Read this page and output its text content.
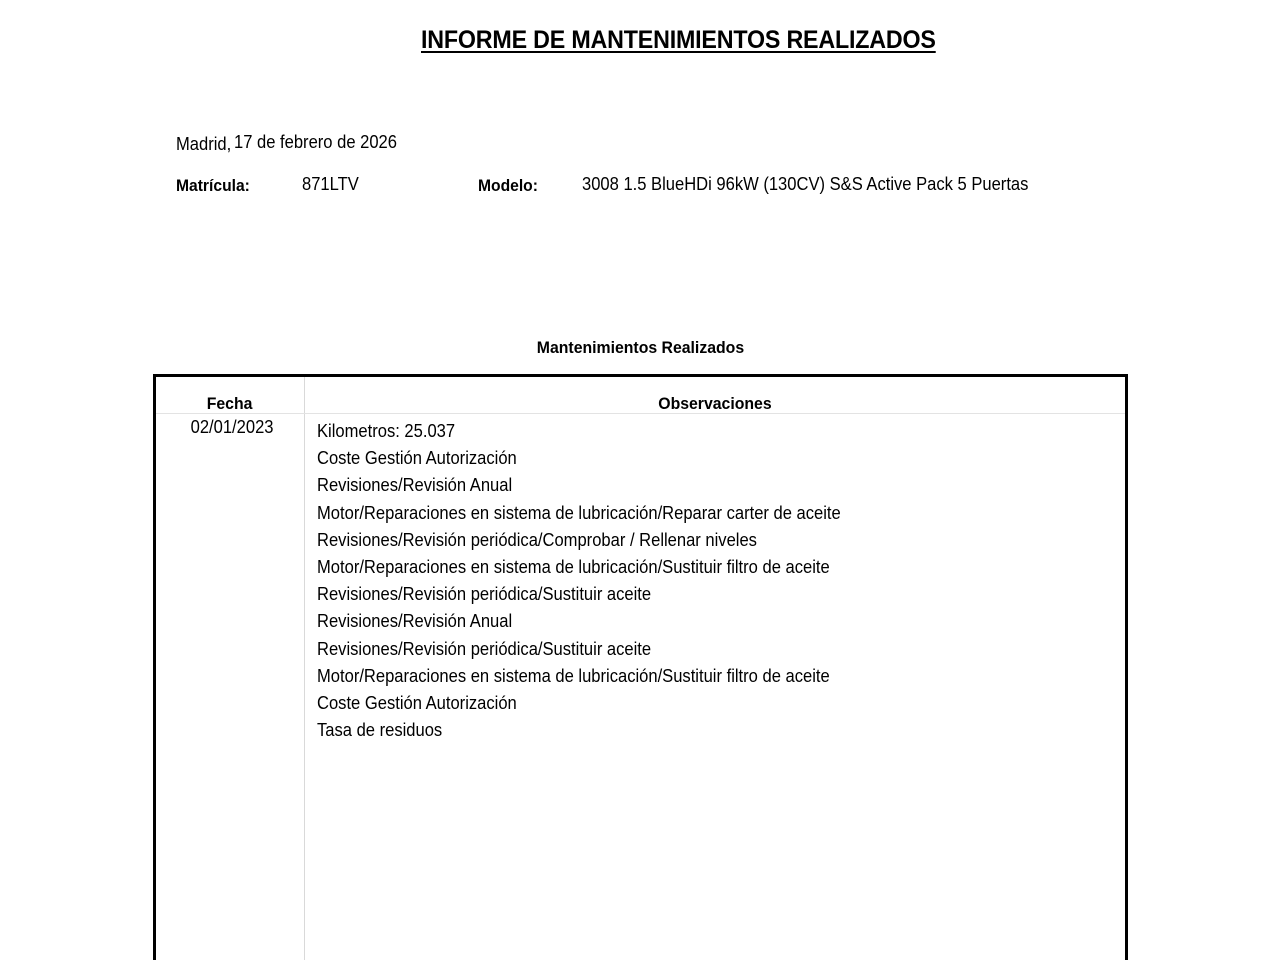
INFORME DE MANTENIMIENTOS REALIZADOS
Madrid, 17 de febrero de 2026
Matrícula:	871LTV	Modelo: 3008 1.5 BlueHDi 96kW (130CV) S&S Active Pack 5 Puertas
Mantenimientos Realizados
Fecha	Observaciones
02/01/2023	Kilometros: 25.037
Coste Gestión Autorización
Revisiones/Revisión Anual
Motor/Reparaciones en sistema de lubricación/Reparar carter de aceite
Revisiones/Revisión periódica/Comprobar / Rellenar niveles
Motor/Reparaciones en sistema de lubricación/Sustituir filtro de aceite
Revisiones/Revisión periódica/Sustituir aceite
Revisiones/Revisión Anual
Revisiones/Revisión periódica/Sustituir aceite
Motor/Reparaciones en sistema de lubricación/Sustituir filtro de aceite
Coste Gestión Autorización
Tasa de residuos
